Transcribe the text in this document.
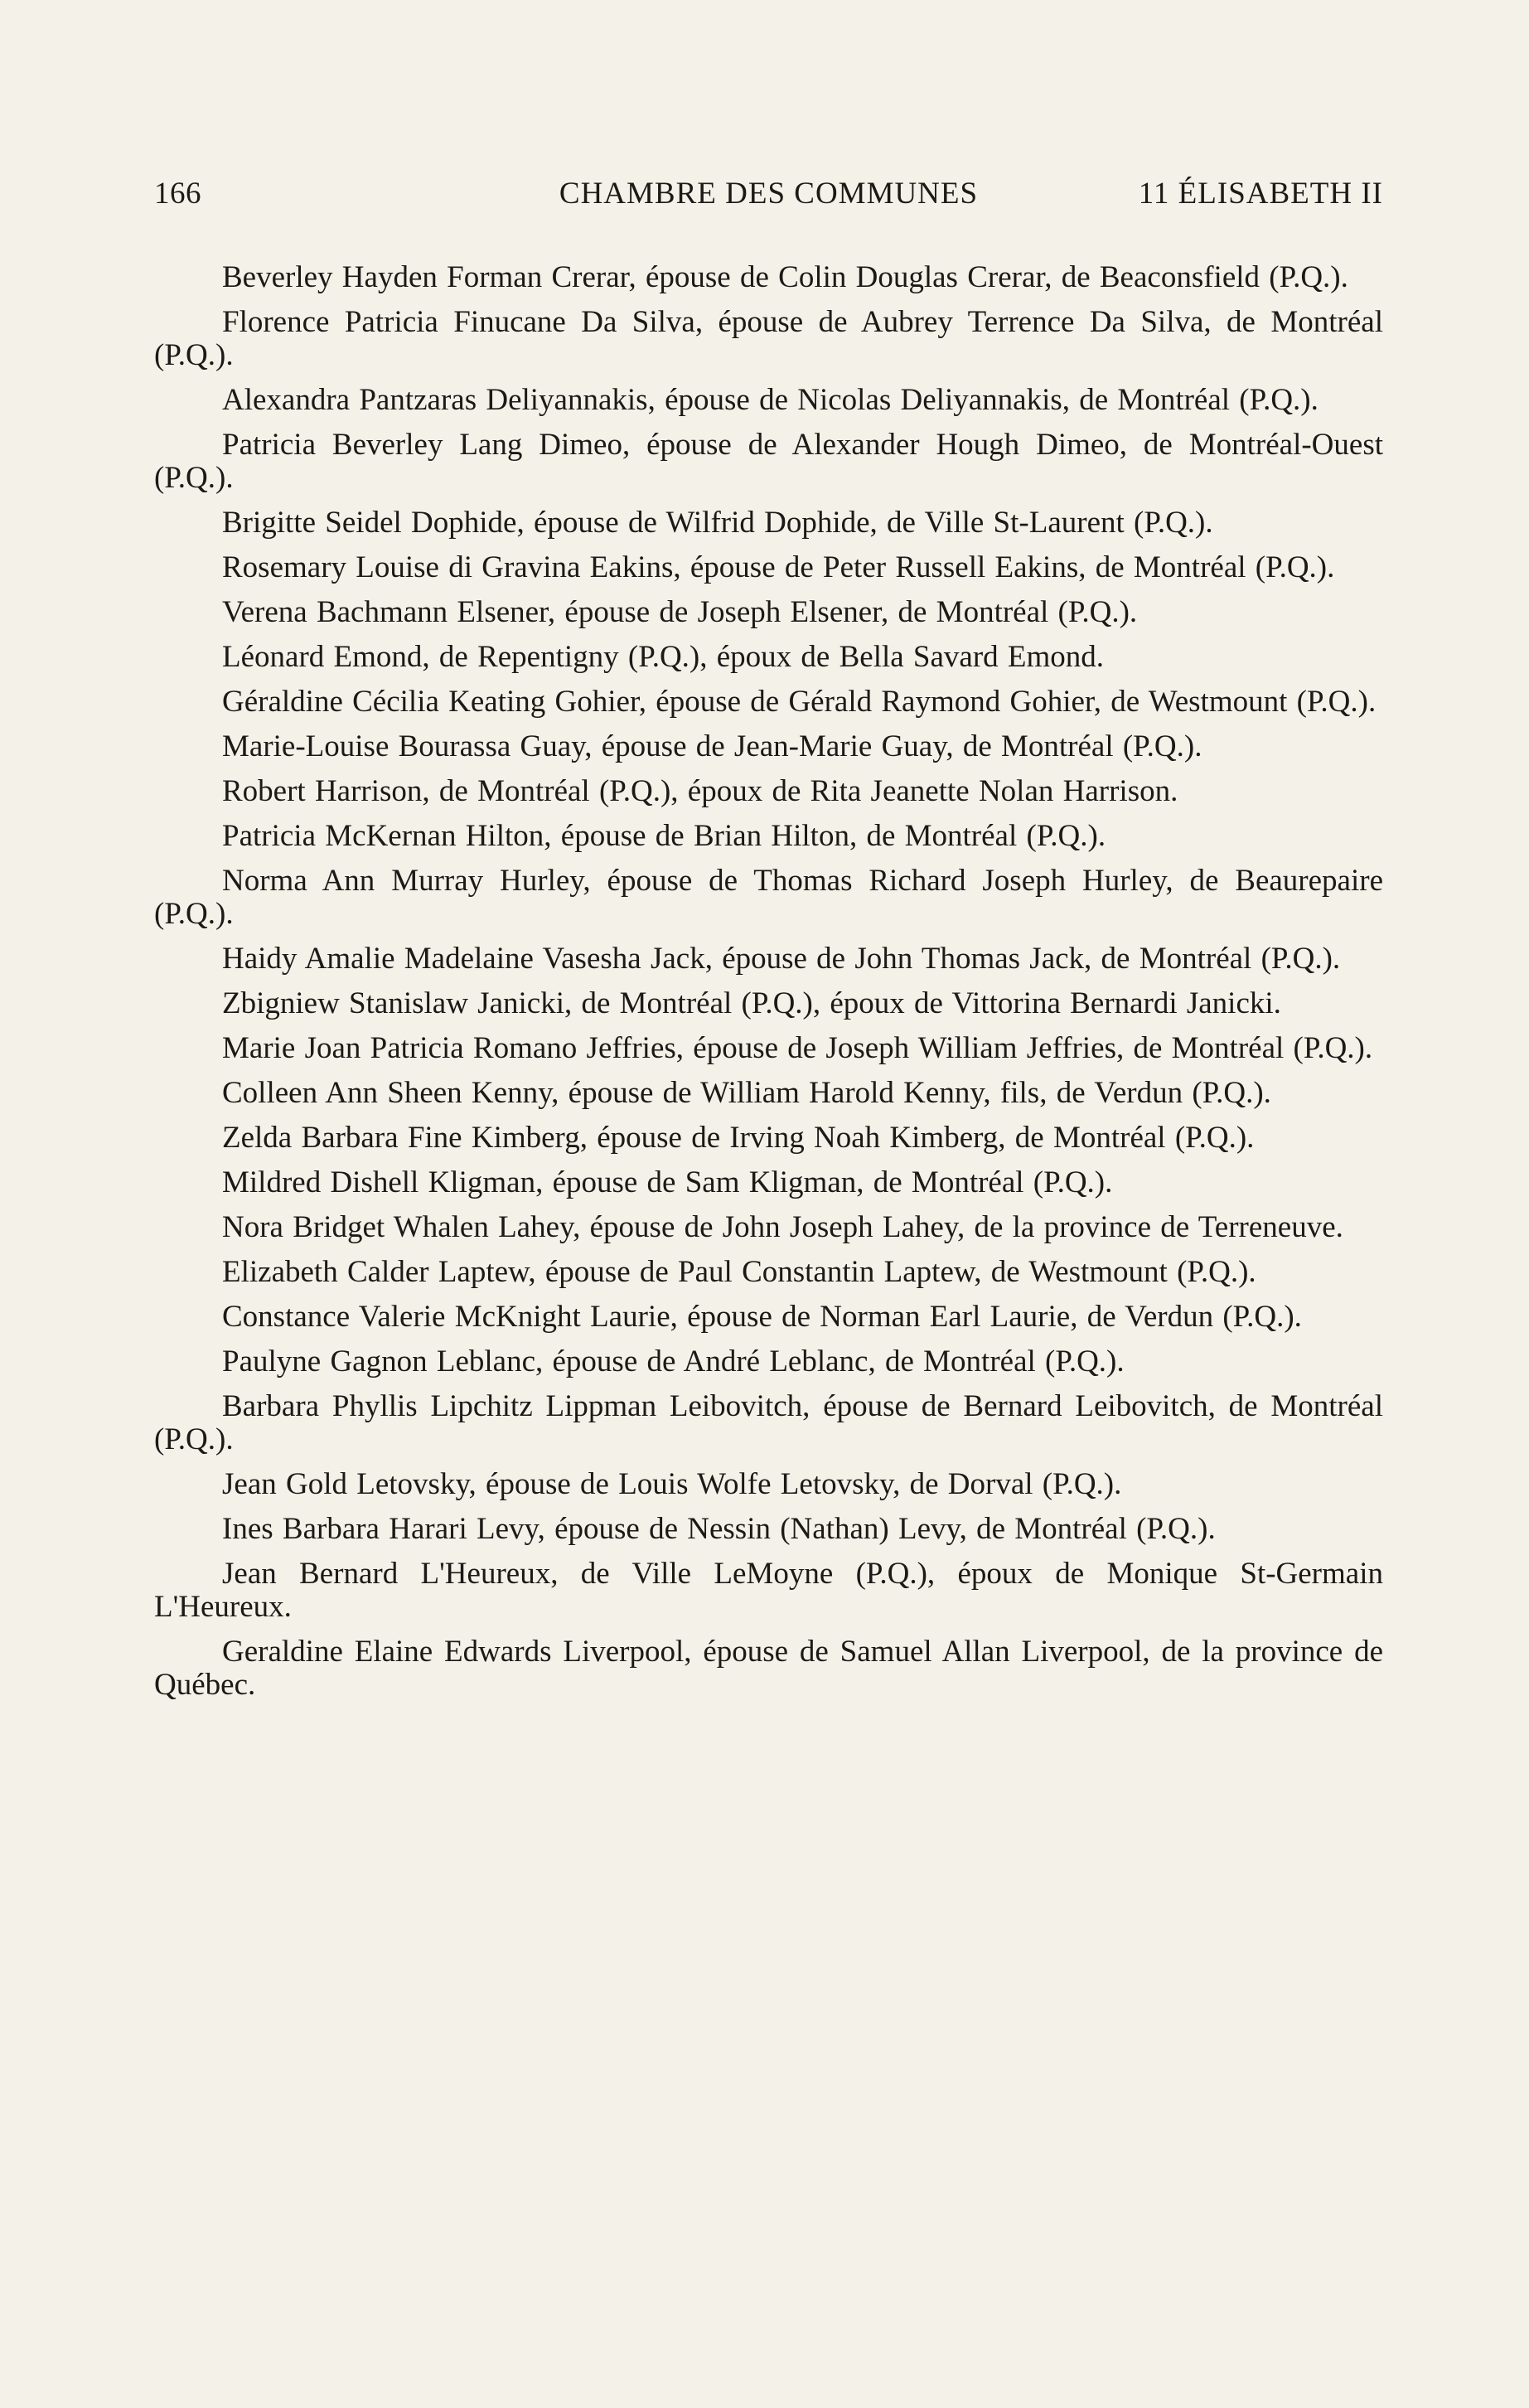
166	CHAMBRE DES COMMUNES	11 ÉLISABETH II

Beverley Hayden Forman Crerar, épouse de Colin Douglas Crerar, de Beaconsfield (P.Q.).

Florence Patricia Finucane Da Silva, épouse de Aubrey Terrence Da Silva, de Montréal (P.Q.).

Alexandra Pantzaras Deliyannakis, épouse de Nicolas Deliyannakis, de Montréal (P.Q.).

Patricia Beverley Lang Dimeo, épouse de Alexander Hough Dimeo, de Montréal-Ouest (P.Q.).

Brigitte Seidel Dophide, épouse de Wilfrid Dophide, de Ville St-Laurent (P.Q.).

Rosemary Louise di Gravina Eakins, épouse de Peter Russell Eakins, de Montréal (P.Q.).

Verena Bachmann Elsener, épouse de Joseph Elsener, de Montréal (P.Q.).

Léonard Emond, de Repentigny (P.Q.), époux de Bella Savard Emond.

Géraldine Cécilia Keating Gohier, épouse de Gérald Raymond Gohier, de Westmount (P.Q.).

Marie-Louise Bourassa Guay, épouse de Jean-Marie Guay, de Montréal (P.Q.).

Robert Harrison, de Montréal (P.Q.), époux de Rita Jeanette Nolan Harrison.

Patricia McKernan Hilton, épouse de Brian Hilton, de Montréal (P.Q.).

Norma Ann Murray Hurley, épouse de Thomas Richard Joseph Hurley, de Beaurepaire (P.Q.).

Haidy Amalie Madelaine Vasesha Jack, épouse de John Thomas Jack, de Montréal (P.Q.).

Zbigniew Stanislaw Janicki, de Montréal (P.Q.), époux de Vittorina Bernardi Janicki.

Marie Joan Patricia Romano Jeffries, épouse de Joseph William Jeffries, de Montréal (P.Q.).

Colleen Ann Sheen Kenny, épouse de William Harold Kenny, fils, de Verdun (P.Q.).

Zelda Barbara Fine Kimberg, épouse de Irving Noah Kimberg, de Montréal (P.Q.).

Mildred Dishell Kligman, épouse de Sam Kligman, de Montréal (P.Q.).

Nora Bridget Whalen Lahey, épouse de John Joseph Lahey, de la province de Terreneuve.

Elizabeth Calder Laptew, épouse de Paul Constantin Laptew, de Westmount (P.Q.).

Constance Valerie McKnight Laurie, épouse de Norman Earl Laurie, de Verdun (P.Q.).

Paulyne Gagnon Leblanc, épouse de André Leblanc, de Montréal (P.Q.).

Barbara Phyllis Lipchitz Lippman Leibovitch, épouse de Bernard Leibovitch, de Montréal (P.Q.).

Jean Gold Letovsky, épouse de Louis Wolfe Letovsky, de Dorval (P.Q.).

Ines Barbara Harari Levy, épouse de Nessin (Nathan) Levy, de Montréal (P.Q.).

Jean Bernard L'Heureux, de Ville LeMoyne (P.Q.), époux de Monique St-Germain L'Heureux.

Geraldine Elaine Edwards Liverpool, épouse de Samuel Allan Liverpool, de la province de Québec.
